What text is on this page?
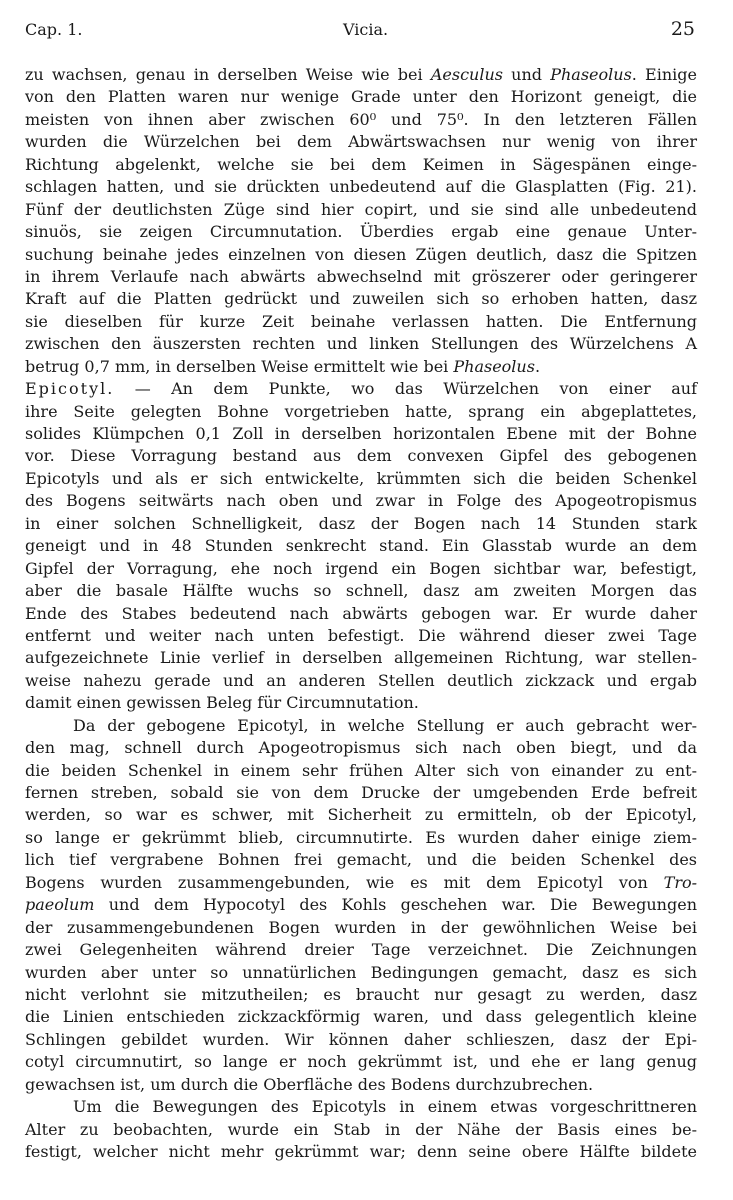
Cap. 1.	Vicia.	25
zu wachsen, genau in derselben Weise wie bei Aesculus und Phaseolus. Einige
von den Platten waren nur wenige Grade unter den Horizont geneigt, die
meisten von ihnen aber zwischen 60⁰ und 75⁰. In den letzteren Fällen
wurden die Würzelchen bei dem Abwärtswachsen nur wenig von ihrer
Richtung abgelenkt, welche sie bei dem Keimen in Sägespänen einge-
schlagen hatten, und sie drückten unbedeutend auf die Glasplatten (Fig. 21).
Fünf der deutlichsten Züge sind hier copirt, und sie sind alle unbedeutend
sinuös, sie zeigen Circumnutation. Überdies ergab eine genaue Unter-
suchung beinahe jedes einzelnen von diesen Zügen deutlich, dasz die Spitzen
in ihrem Verlaufe nach abwärts abwechselnd mit gröszerer oder geringerer
Kraft auf die Platten gedrückt und zuweilen sich so erhoben hatten, dasz
sie dieselben für kurze Zeit beinahe verlassen hatten. Die Entfernung
zwischen den äuszersten rechten und linken Stellungen des Würzelchens A
betrug 0,7 mm, in derselben Weise ermittelt wie bei Phaseolus.
Epicotyl. — An dem Punkte, wo das Würzelchen von einer auf
ihre Seite gelegten Bohne vorgetrieben hatte, sprang ein abgeplattetes,
solides Klümpchen 0,1 Zoll in derselben horizontalen Ebene mit der Bohne
vor. Diese Vorragung bestand aus dem convexen Gipfel des gebogenen
Epicotyls und als er sich entwickelte, krümmten sich die beiden Schenkel
des Bogens seitwärts nach oben und zwar in Folge des Apogeotropismus
in einer solchen Schnelligkeit, dasz der Bogen nach 14 Stunden stark
geneigt und in 48 Stunden senkrecht stand. Ein Glasstab wurde an dem
Gipfel der Vorragung, ehe noch irgend ein Bogen sichtbar war, befestigt,
aber die basale Hälfte wuchs so schnell, dasz am zweiten Morgen das
Ende des Stabes bedeutend nach abwärts gebogen war. Er wurde daher
entfernt und weiter nach unten befestigt. Die während dieser zwei Tage
aufgezeichnete Linie verlief in derselben allgemeinen Richtung, war stellen-
weise nahezu gerade und an anderen Stellen deutlich zickzack und ergab
damit einen gewissen Beleg für Circumnutation.
Da der gebogene Epicotyl, in welche Stellung er auch gebracht wer-
den mag, schnell durch Apogeotropismus sich nach oben biegt, und da
die beiden Schenkel in einem sehr frühen Alter sich von einander zu ent-
fernen streben, sobald sie von dem Drucke der umgebenden Erde befreit
werden, so war es schwer, mit Sicherheit zu ermitteln, ob der Epicotyl,
so lange er gekrümmt blieb, circumnutirte. Es wurden daher einige ziem-
lich tief vergrabene Bohnen frei gemacht, und die beiden Schenkel des
Bogens wurden zusammengebunden, wie es mit dem Epicotyl von Tro-
paeolum und dem Hypocotyl des Kohls geschehen war. Die Bewegungen
der zusammengebundenen Bogen wurden in der gewöhnlichen Weise bei
zwei Gelegenheiten während dreier Tage verzeichnet. Die Zeichnungen
wurden aber unter so unnatürlichen Bedingungen gemacht, dasz es sich
nicht verlohnt sie mitzutheilen; es braucht nur gesagt zu werden, dasz
die Linien entschieden zickzackförmig waren, und dass gelegentlich kleine
Schlingen gebildet wurden. Wir können daher schlieszen, dasz der Epi-
cotyl circumnutirt, so lange er noch gekrümmt ist, und ehe er lang genug
gewachsen ist, um durch die Oberfläche des Bodens durchzubrechen.
Um die Bewegungen des Epicotyls in einem etwas vorgeschrittneren
Alter zu beobachten, wurde ein Stab in der Nähe der Basis eines be-
festigt, welcher nicht mehr gekrümmt war; denn seine obere Hälfte bildete
